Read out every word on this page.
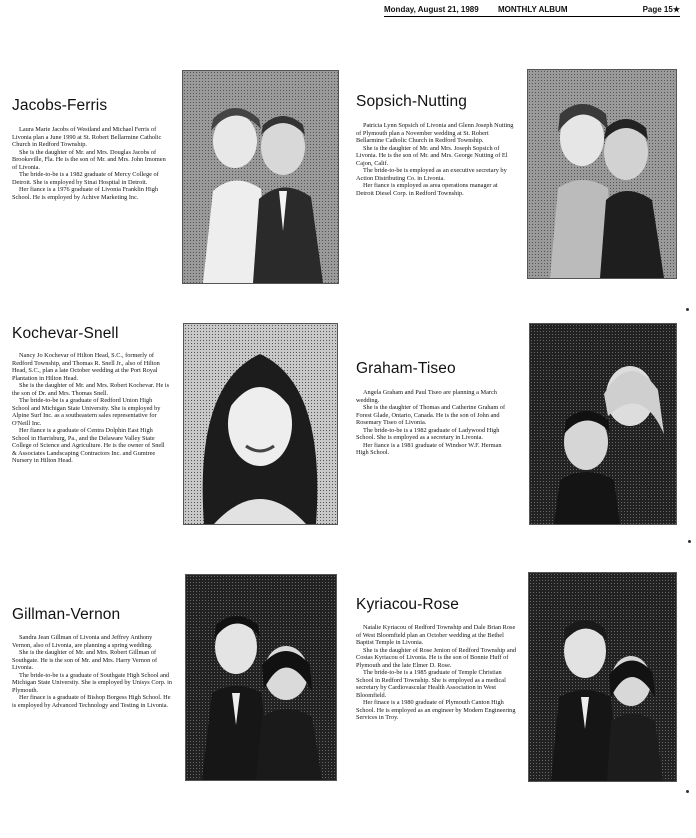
Monday, August 21, 1989 MONTHLY ALBUM	Page 15★
Jacobs-Ferris

Laura Marie Jacobs of Westland and Michael Ferris of Livonia plan a June 1990 at St. Robert Bellarmine Catholic Church in Redford Township.

She is the daughter of Mr. and Mrs. Douglas Jacobs of Brooksville, Fla. He is the son of Mr. and Mrs. John Imomen of Livonia.

The bride-to-be is a 1982 graduate of Mercy College of Detroit. She is employed by Sinai Hospital in Detroit.

Her fiance is a 1976 graduate of Livonia Franklin High School. He is employed by Achive Marketing Inc.

Sopsich-Nutting

Patricia Lynn Sopsich of Livonia and Glenn Joseph Nutting of Plymouth plan a November wedding at St. Robert Bellarmine Catholic Church in Redford Township.

She is the daughter of Mr. and Mrs. Joseph Sopsich of Livonia. He is the son of Mr. and Mrs. George Nutting of El Cajon, Calif.

The bride-to-be is employed as an executive secretary by Action Distributing Co. in Livonia.

Her fiance is employed as area operations manager at Detroit Diesel Corp. in Redford Township.

Kochevar-Snell

Nancy Jo Kochevar of Hilton Head, S.C., formerly of Redford Township, and Thomas R. Snell Jr., also of Hilton Head, S.C., plan a late October wedding at the Port Royal Plantation in Hilton Head.

She is the daughter of Mr. and Mrs. Robert Kochevar. He is the son of Dr. and Mrs. Thomas Snell.

The bride-to-be is a graduate of Redford Union High School and Michigan State University. She is employed by Alpine Surf Inc. as a southeastern sales representative for O'Neill Inc.

Her fiance is a graduate of Centra Dolphin East High School in Harrisburg, Pa., and the Delaware Valley State College of Science and Agriculture. He is the owner of Snell & Associates Landscaping Contractors Inc. and Gumtree Nursery in Hilton Head.

Graham-Tiseo

Angela Graham and Paul Tiseo are planning a March wedding.

She is the daughter of Thomas and Catherine Graham of Forest Glade, Ontario, Canada. He is the son of John and Rosemary Tiseo of Livonia.

The bride-to-be is a 1982 graduate of Ladywood High School. She is employed as a secretary in Livonia.

Her fiance is a 1981 graduate of Windsor W.F. Herman High School.

Gillman-Vernon

Sandra Jean Gillman of Livonia and Jeffrey Anthony Vernon, also of Livonia, are planning a spring wedding.

She is the daughter of Mr. and Mrs. Robert Gillman of Southgate. He is the son of Mr. and Mrs. Harry Vernon of Livonia.

The bride-to-be is a graduate of Southgate High School and Michigan State University. She is employed by Unisys Corp. in Plymouth.

Her finace is a graduate of Bishop Borgess High School. He is employed by Advanced Technology and Testing in Livonia.

Kyriacou-Rose

Natalie Kyriacou of Redford Township and Dale Brian Rose of West Bloomfield plan an October wedding at the Bethel Baptist Temple in Livonia.

She is the daughter of Rose Jenion of Redford Township and Costas Kyriacou of Livonia. He is the son of Bonnie Huff of Plymouth and the late Elmer D. Rose.

The bride-to-be is a 1985 graduate of Temple Christian School in Redford Township. She is employed as a medical secretary by Cardiovascular Health Association in West Bloomfield.

Her finace is a 1980 graduate of Plymouth Canton High School. He is employed as an engineer by Modern Engineering Services in Troy.
